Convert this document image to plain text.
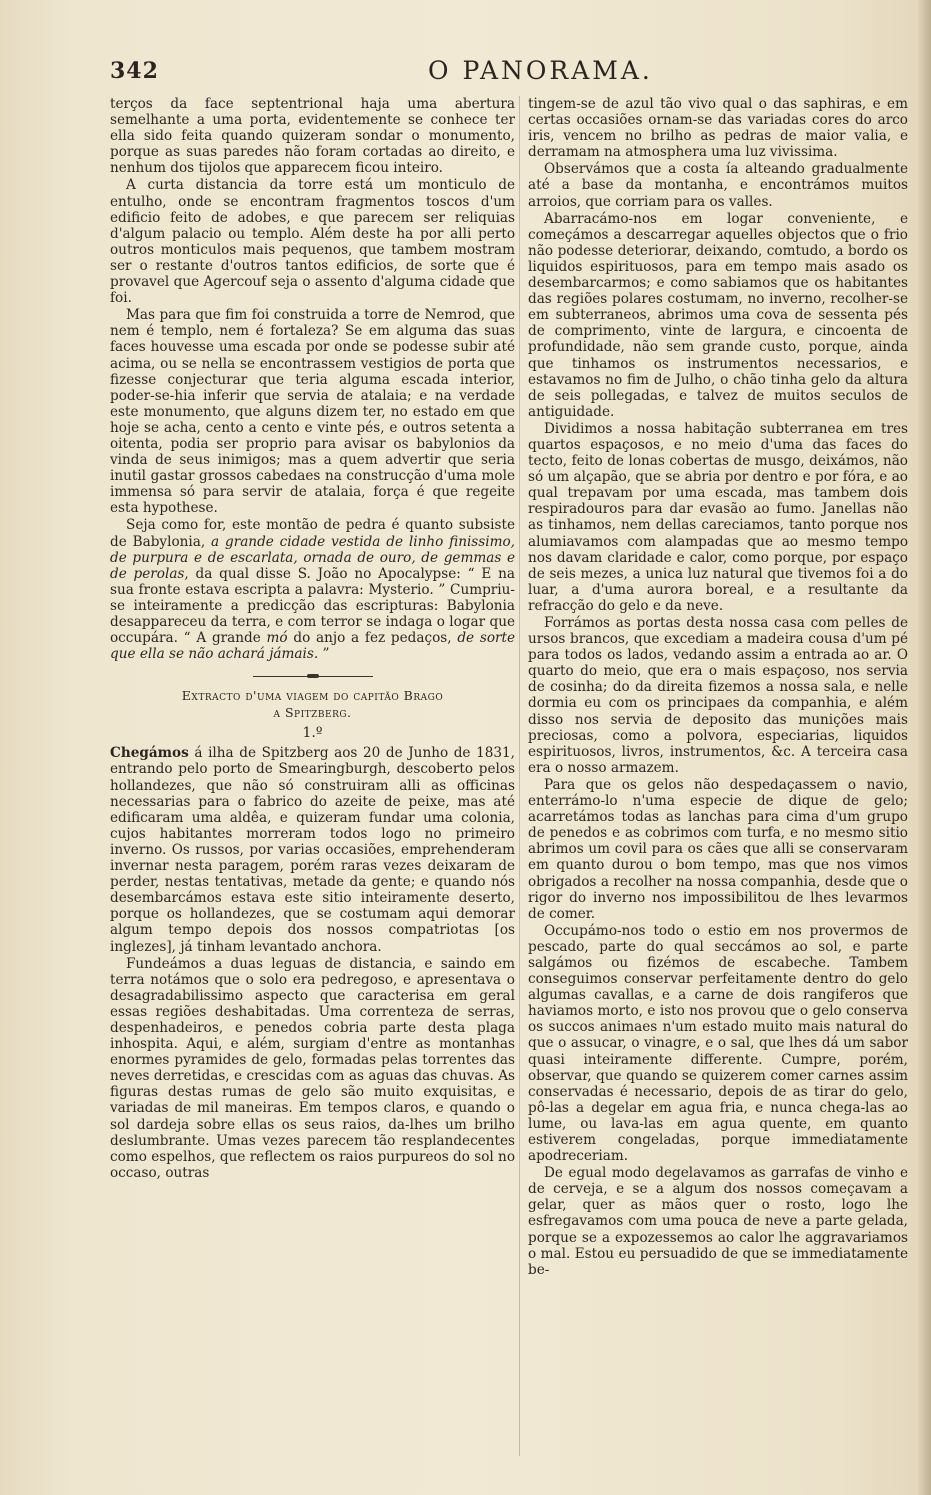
342	O PANORAMA.

terços da face septentrional haja uma abertura semelhante a uma porta, evidentemente se conhece ter ella sido feita quando quizeram sondar o monumento, porque as suas paredes não foram cortadas ao direito, e nenhum dos tijolos que apparecem ficou inteiro.

A curta distancia da torre está um monticulo de entulho, onde se encontram fragmentos toscos d'um edificio feito de adobes, e que parecem ser reliquias d'algum palacio ou templo. Além deste ha por alli perto outros monticulos mais pequenos, que tambem mostram ser o restante d'outros tantos edificios, de sorte que é provavel que Agercouf seja o assento d'alguma cidade que foi.

Mas para que fim foi construida a torre de Nemrod, que nem é templo, nem é fortaleza? Se em alguma das suas faces houvesse uma escada por onde se podesse subir até acima, ou se nella se encontrassem vestigios de porta que fizesse conjecturar que teria alguma escada interior, poder-se-hia inferir que servia de atalaia; e na verdade este monumento, que alguns dizem ter, no estado em que hoje se acha, cento a cento e vinte pés, e outros setenta a oitenta, podia ser proprio para avisar os babylonios da vinda de seus inimigos; mas a quem advertir que seria inutil gastar grossos cabedaes na construcção d'uma mole immensa só para servir de atalaia, força é que regeite esta hypothese.

Seja como for, este montão de pedra é quanto subsiste de Babylonia, a grande cidade vestida de linho finissimo, de purpura e de escarlata, ornada de ouro, de gemmas e de perolas, da qual disse S. João no Apocalypse: “ E na sua fronte estava escripta a palavra: Mysterio. ” Cumpriu-se inteiramente a predicção das escripturas: Babylonia desappareceu da terra, e com terror se indaga o logar que occupára. “ A grande mó do anjo a fez pedaços, de sorte que ella se não achará jámais. ”

Extracto d'uma viagem do capitão Brago
a Spitzberg.
1.º

Chegámos á ilha de Spitzberg aos 20 de Junho de 1831, entrando pelo porto de Smearingburgh, descoberto pelos hollandezes, que não só construiram alli as officinas necessarias para o fabrico do azeite de peixe, mas até edificaram uma aldêa, e quizeram fundar uma colonia, cujos habitantes morreram todos logo no primeiro inverno. Os russos, por varias occasiões, emprehenderam invernar nesta paragem, porém raras vezes deixaram de perder, nestas tentativas, metade da gente; e quando nós desembarcámos estava este sitio inteiramente deserto, porque os hollandezes, que se costumam aqui demorar algum tempo depois dos nossos compatriotas [os inglezes], já tinham levantado anchora.

Fundeámos a duas leguas de distancia, e saindo em terra notámos que o solo era pedregoso, e apresentava o desagradabilissimo aspecto que caracterisa em geral essas regiões deshabitadas. Uma correnteza de serras, despenhadeiros, e penedos cobria parte desta plaga inhospita. Aqui, e além, surgiam d'entre as montanhas enormes pyramides de gelo, formadas pelas torrentes das neves derretidas, e crescidas com as aguas das chuvas. As figuras destas rumas de gelo são muito exquisitas, e variadas de mil maneiras. Em tempos claros, e quando o sol dardeja sobre ellas os seus raios, da-lhes um brilho deslumbrante. Umas vezes parecem tão resplandecentes como espelhos, que reflectem os raios purpureos do sol no occaso, outras

tingem-se de azul tão vivo qual o das saphiras, e em certas occasiões ornam-se das variadas cores do arco iris, vencem no brilho as pedras de maior valia, e derramam na atmosphera uma luz vivissima.

Observámos que a costa ía alteando gradualmente até a base da montanha, e encontrámos muitos arroios, que corriam para os valles.

Abarracámo-nos em logar conveniente, e começámos a descarregar aquelles objectos que o frio não podesse deteriorar, deixando, comtudo, a bordo os liquidos espirituosos, para em tempo mais asado os desembarcarmos; e como sabiamos que os habitantes das regiões polares costumam, no inverno, recolher-se em subterraneos, abrimos uma cova de sessenta pés de comprimento, vinte de largura, e cincoenta de profundidade, não sem grande custo, porque, ainda que tinhamos os instrumentos necessarios, e estavamos no fim de Julho, o chão tinha gelo da altura de seis pollegadas, e talvez de muitos seculos de antiguidade.

Dividimos a nossa habitação subterranea em tres quartos espaçosos, e no meio d'uma das faces do tecto, feito de lonas cobertas de musgo, deixámos, não só um alçapão, que se abria por dentro e por fóra, e ao qual trepavam por uma escada, mas tambem dois respiradouros para dar evasão ao fumo. Janellas não as tinhamos, nem dellas careciamos, tanto porque nos alumiavamos com alampadas que ao mesmo tempo nos davam claridade e calor, como porque, por espaço de seis mezes, a unica luz natural que tivemos foi a do luar, a d'uma aurora boreal, e a resultante da refracção do gelo e da neve.

Forrámos as portas desta nossa casa com pelles de ursos brancos, que excediam a madeira cousa d'um pé para todos os lados, vedando assim a entrada ao ar. O quarto do meio, que era o mais espaçoso, nos servia de cosinha; do da direita fizemos a nossa sala, e nelle dormia eu com os principaes da companhia, e além disso nos servia de deposito das munições mais preciosas, como a polvora, especiarias, liquidos espirituosos, livros, instrumentos, &c. A terceira casa era o nosso armazem.

Para que os gelos não despedaçassem o navio, enterrámo-lo n'uma especie de dique de gelo; acarretámos todas as lanchas para cima d'um grupo de penedos e as cobrimos com turfa, e no mesmo sitio abrimos um covil para os cães que alli se conservaram em quanto durou o bom tempo, mas que nos vimos obrigados a recolher na nossa companhia, desde que o rigor do inverno nos impossibilitou de lhes levarmos de comer.

Occupámo-nos todo o estio em nos provermos de pescado, parte do qual seccámos ao sol, e parte salgámos ou fizémos de escabeche. Tambem conseguimos conservar perfeitamente dentro do gelo algumas cavallas, e a carne de dois rangiferos que haviamos morto, e isto nos provou que o gelo conserva os succos animaes n'um estado muito mais natural do que o assucar, o vinagre, e o sal, que lhes dá um sabor quasi inteiramente differente. Cumpre, porém, observar, que quando se quizerem comer carnes assim conservadas é necessario, depois de as tirar do gelo, pô-las a degelar em agua fria, e nunca chega-las ao lume, ou lava-las em agua quente, em quanto estiverem congeladas, porque immediatamente apodreceriam.

De egual modo degelavamos as garrafas de vinho e de cerveja, e se a algum dos nossos começavam a gelar, quer as mãos quer o rosto, logo lhe esfregavamos com uma pouca de neve a parte gelada, porque se a expozessemos ao calor lhe aggravariamos o mal. Estou eu persuadido de que se immediatamente be-
